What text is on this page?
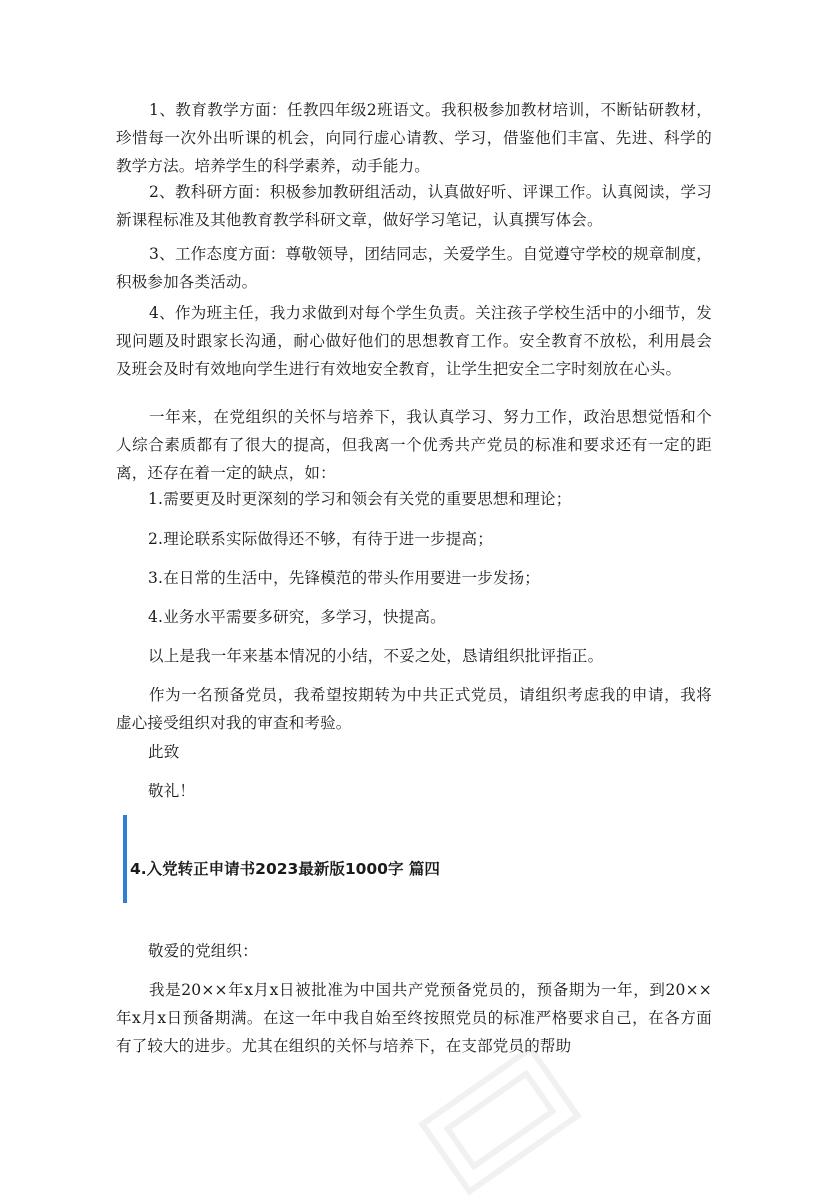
1、教育教学方面：任教四年级2班语文。我积极参加教材培训，不断钻研教材，珍惜每一次外出听课的机会，向同行虚心请教、学习，借鉴他们丰富、先进、科学的教学方法。培养学生的科学素养，动手能力。

2、教科研方面：积极参加教研组活动，认真做好听、评课工作。认真阅读，学习新课程标准及其他教育教学科研文章，做好学习笔记，认真撰写体会。

3、工作态度方面：尊敬领导，团结同志，关爱学生。自觉遵守学校的规章制度，积极参加各类活动。

4、作为班主任，我力求做到对每个学生负责。关注孩子学校生活中的小细节，发现问题及时跟家长沟通，耐心做好他们的思想教育工作。安全教育不放松，利用晨会及班会及时有效地向学生进行有效地安全教育，让学生把安全二字时刻放在心头。

一年来，在党组织的关怀与培养下，我认真学习、努力工作，政治思想觉悟和个人综合素质都有了很大的提高，但我离一个优秀共产党员的标准和要求还有一定的距离，还存在着一定的缺点，如：

1.需要更及时更深刻的学习和领会有关党的重要思想和理论；

2.理论联系实际做得还不够，有待于进一步提高；

3.在日常的生活中，先锋模范的带头作用要进一步发扬；

4.业务水平需要多研究，多学习，快提高。

以上是我一年来基本情况的小结，不妥之处，恳请组织批评指正。

作为一名预备党员，我希望按期转为中共正式党员，请组织考虑我的申请，我将虚心接受组织对我的审查和考验。

此致

敬礼！

4.入党转正申请书2023最新版1000字 篇四

敬爱的党组织：

我是20××年x月x日被批准为中国共产党预备党员的，预备期为一年，到20××年x月x日预备期满。在这一年中我自始至终按照党员的标准严格要求自己，在各方面有了较大的进步。尤其在组织的关怀与培养下，在支部党员的帮助
